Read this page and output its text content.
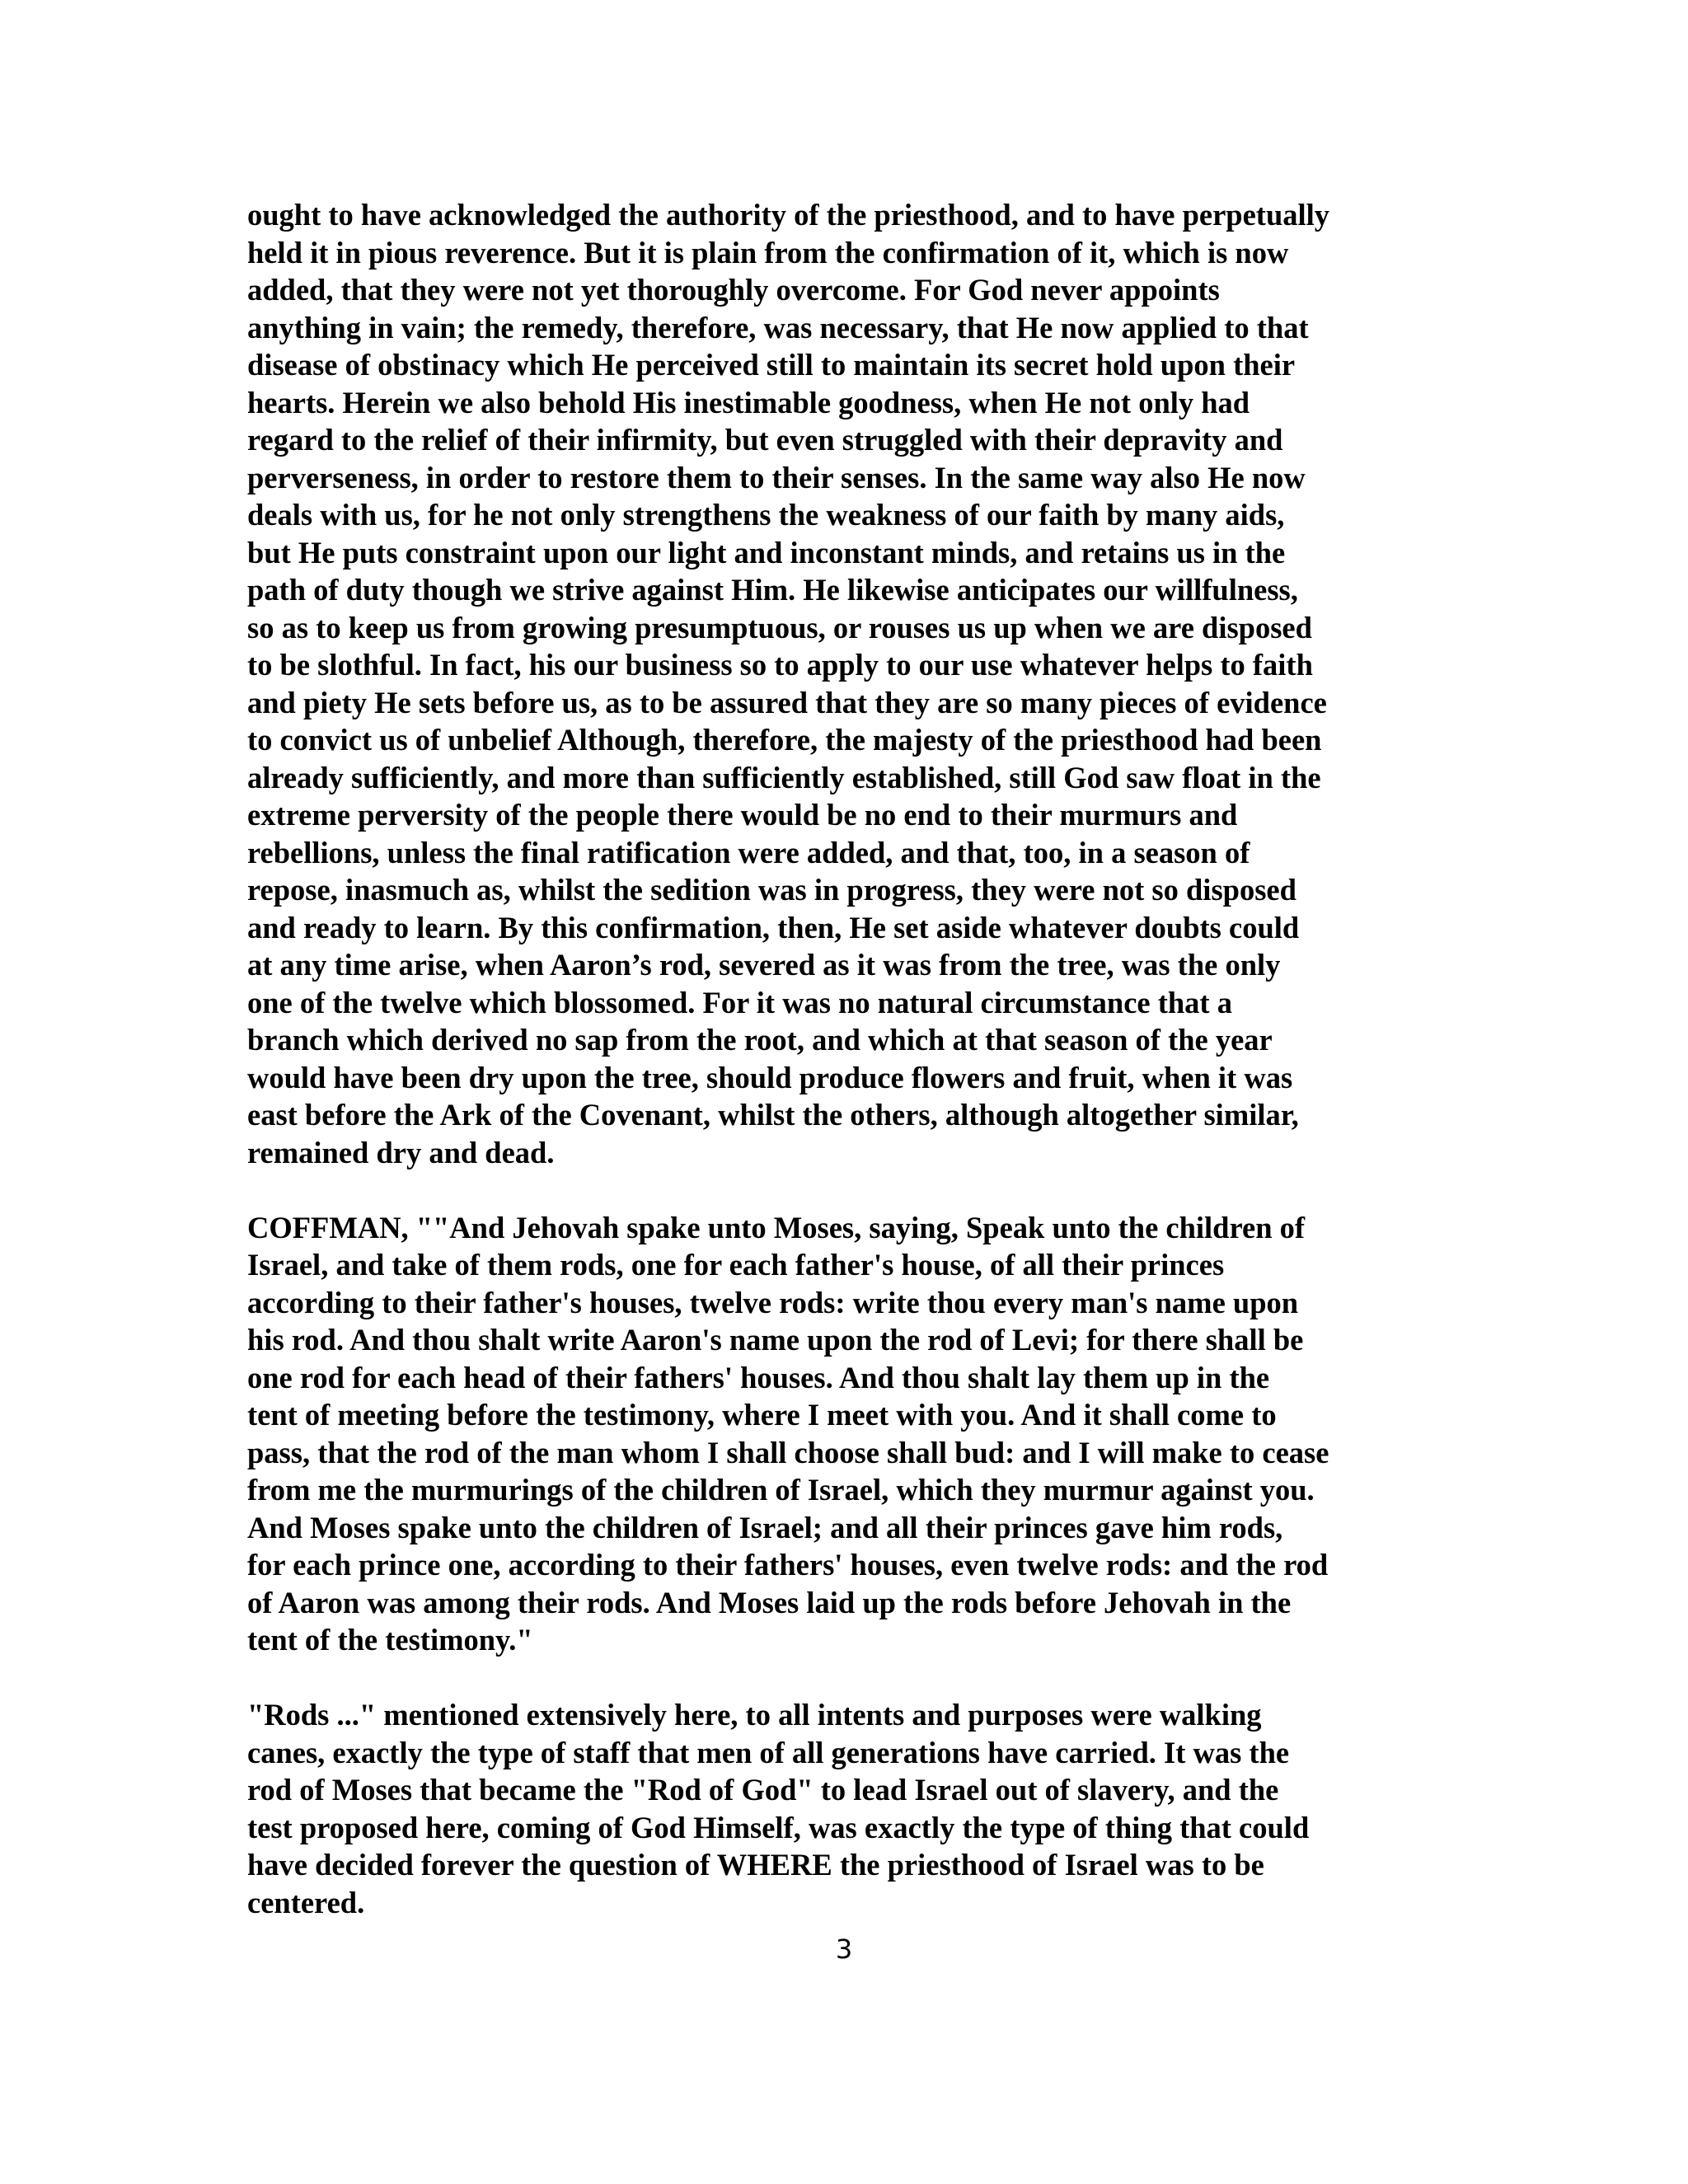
ought to have acknowledged the authority of the priesthood, and to have perpetually
held it in pious reverence. But it is plain from the confirmation of it, which is now
added, that they were not yet thoroughly overcome. For God never appoints
anything in vain; the remedy, therefore, was necessary, that He now applied to that
disease of obstinacy which He perceived still to maintain its secret hold upon their
hearts. Herein we also behold His inestimable goodness, when He not only had
regard to the relief of their infirmity, but even struggled with their depravity and
perverseness, in order to restore them to their senses. In the same way also He now
deals with us, for he not only strengthens the weakness of our faith by many aids,
but He puts constraint upon our light and inconstant minds, and retains us in the
path of duty though we strive against Him. He likewise anticipates our willfulness,
so as to keep us from growing presumptuous, or rouses us up when we are disposed
to be slothful. In fact, his our business so to apply to our use whatever helps to faith
and piety He sets before us, as to be assured that they are so many pieces of evidence
to convict us of unbelief Although, therefore, the majesty of the priesthood had been
already sufficiently, and more than sufficiently established, still God saw float in the
extreme perversity of the people there would be no end to their murmurs and
rebellions, unless the final ratification were added, and that, too, in a season of
repose, inasmuch as, whilst the sedition was in progress, they were not so disposed
and ready to learn. By this confirmation, then, He set aside whatever doubts could
at any time arise, when Aaron’s rod, severed as it was from the tree, was the only
one of the twelve which blossomed. For it was no natural circumstance that a
branch which derived no sap from the root, and which at that season of the year
would have been dry upon the tree, should produce flowers and fruit, when it was
east before the Ark of the Covenant, whilst the others, although altogether similar,
remained dry and dead.

COFFMAN, ""And Jehovah spake unto Moses, saying, Speak unto the children of
Israel, and take of them rods, one for each father's house, of all their princes
according to their father's houses, twelve rods: write thou every man's name upon
his rod. And thou shalt write Aaron's name upon the rod of Levi; for there shall be
one rod for each head of their fathers' houses. And thou shalt lay them up in the
tent of meeting before the testimony, where I meet with you. And it shall come to
pass, that the rod of the man whom I shall choose shall bud: and I will make to cease
from me the murmurings of the children of Israel, which they murmur against you.
And Moses spake unto the children of Israel; and all their princes gave him rods,
for each prince one, according to their fathers' houses, even twelve rods: and the rod
of Aaron was among their rods. And Moses laid up the rods before Jehovah in the
tent of the testimony."

"Rods ..." mentioned extensively here, to all intents and purposes were walking
canes, exactly the type of staff that men of all generations have carried. It was the
rod of Moses that became the "Rod of God" to lead Israel out of slavery, and the
test proposed here, coming of God Himself, was exactly the type of thing that could
have decided forever the question of WHERE the priesthood of Israel was to be
centered.

3
